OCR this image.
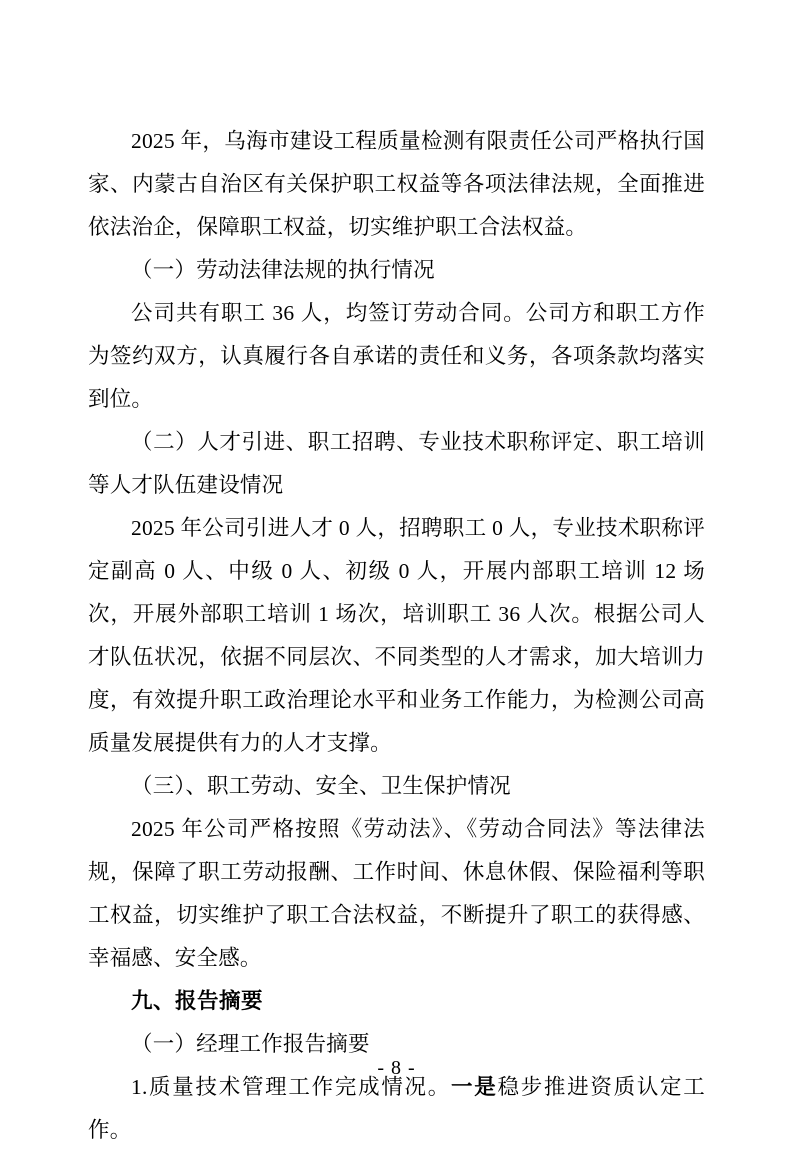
2025 年，乌海市建设工程质量检测有限责任公司严格执行国家、内蒙古自治区有关保护职工权益等各项法律法规，全面推进依法治企，保障职工权益，切实维护职工合法权益。

（一）劳动法律法规的执行情况

公司共有职工 36 人，均签订劳动合同。公司方和职工方作为签约双方，认真履行各自承诺的责任和义务，各项条款均落实到位。

（二）人才引进、职工招聘、专业技术职称评定、职工培训等人才队伍建设情况

2025 年公司引进人才 0 人，招聘职工 0 人，专业技术职称评定副高 0 人、中级 0 人、初级 0 人，开展内部职工培训 12 场次，开展外部职工培训 1 场次，培训职工 36 人次。根据公司人才队伍状况，依据不同层次、不同类型的人才需求，加大培训力度，有效提升职工政治理论水平和业务工作能力，为检测公司高质量发展提供有力的人才支撑。

（三）、职工劳动、安全、卫生保护情况

2025 年公司严格按照《劳动法》、《劳动合同法》等法律法规，保障了职工劳动报酬、工作时间、休息休假、保险福利等职工权益，切实维护了职工合法权益，不断提升了职工的获得感、幸福感、安全感。

九、报告摘要

（一）经理工作报告摘要

1.质量技术管理工作完成情况。一是稳步推进资质认定工作。

- 8 -
